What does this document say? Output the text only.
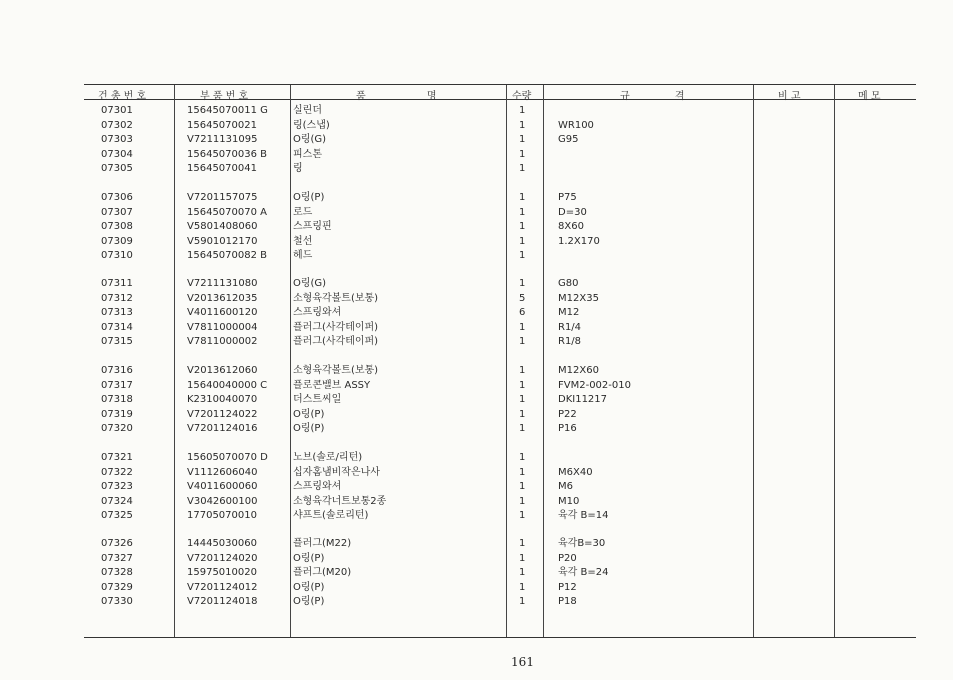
건 총 번 호	부 품 번 호	품 명	수량	규 격	비 고	메 모
07301	15645070011 G	실린더	1
07302	15645070021	링(스냅)	1	WR100
07303	V7211131095	O링(G)	1	G95
07304	15645070036 B	피스톤	1
07305	15645070041	링	1
07306	V7201157075	O링(P)	1	P75
07307	15645070070 A	로드	1	D=30
07308	V5801408060	스프링핀	1	8X60
07309	V5901012170	철선	1	1.2X170
07310	15645070082 B	헤드	1
07311	V7211131080	O링(G)	1	G80
07312	V2013612035	소형육각볼트(보통)	5	M12X35
07313	V4011600120	스프링와셔	6	M12
07314	V7811000004	플러그(사각테이퍼)	1	R1/4
07315	V7811000002	플러그(사각테이퍼)	1	R1/8
07316	V2013612060	소형육각볼트(보통)	1	M12X60
07317	15640040000 C	플로콘밸브 ASSY	1	FVM2-002-010
07318	K2310040070	더스트씨일	1	DKI11217
07319	V7201124022	O링(P)	1	P22
07320	V7201124016	O링(P)	1	P16
07321	15605070070 D	노브(솔로/리턴)	1
07322	V1112606040	십자홈냄비작은나사	1	M6X40
07323	V4011600060	스프링와셔	1	M6
07324	V3042600100	소형육각너트보통2종	1	M10
07325	17705070010	샤프트(솔로리턴)	1	육각 B=14
07326	14445030060	플러그(M22)	1	육각B=30
07327	V7201124020	O링(P)	1	P20
07328	15975010020	플러그(M20)	1	육각 B=24
07329	V7201124012	O링(P)	1	P12
07330	V7201124018	O링(P)	1	P18
161
